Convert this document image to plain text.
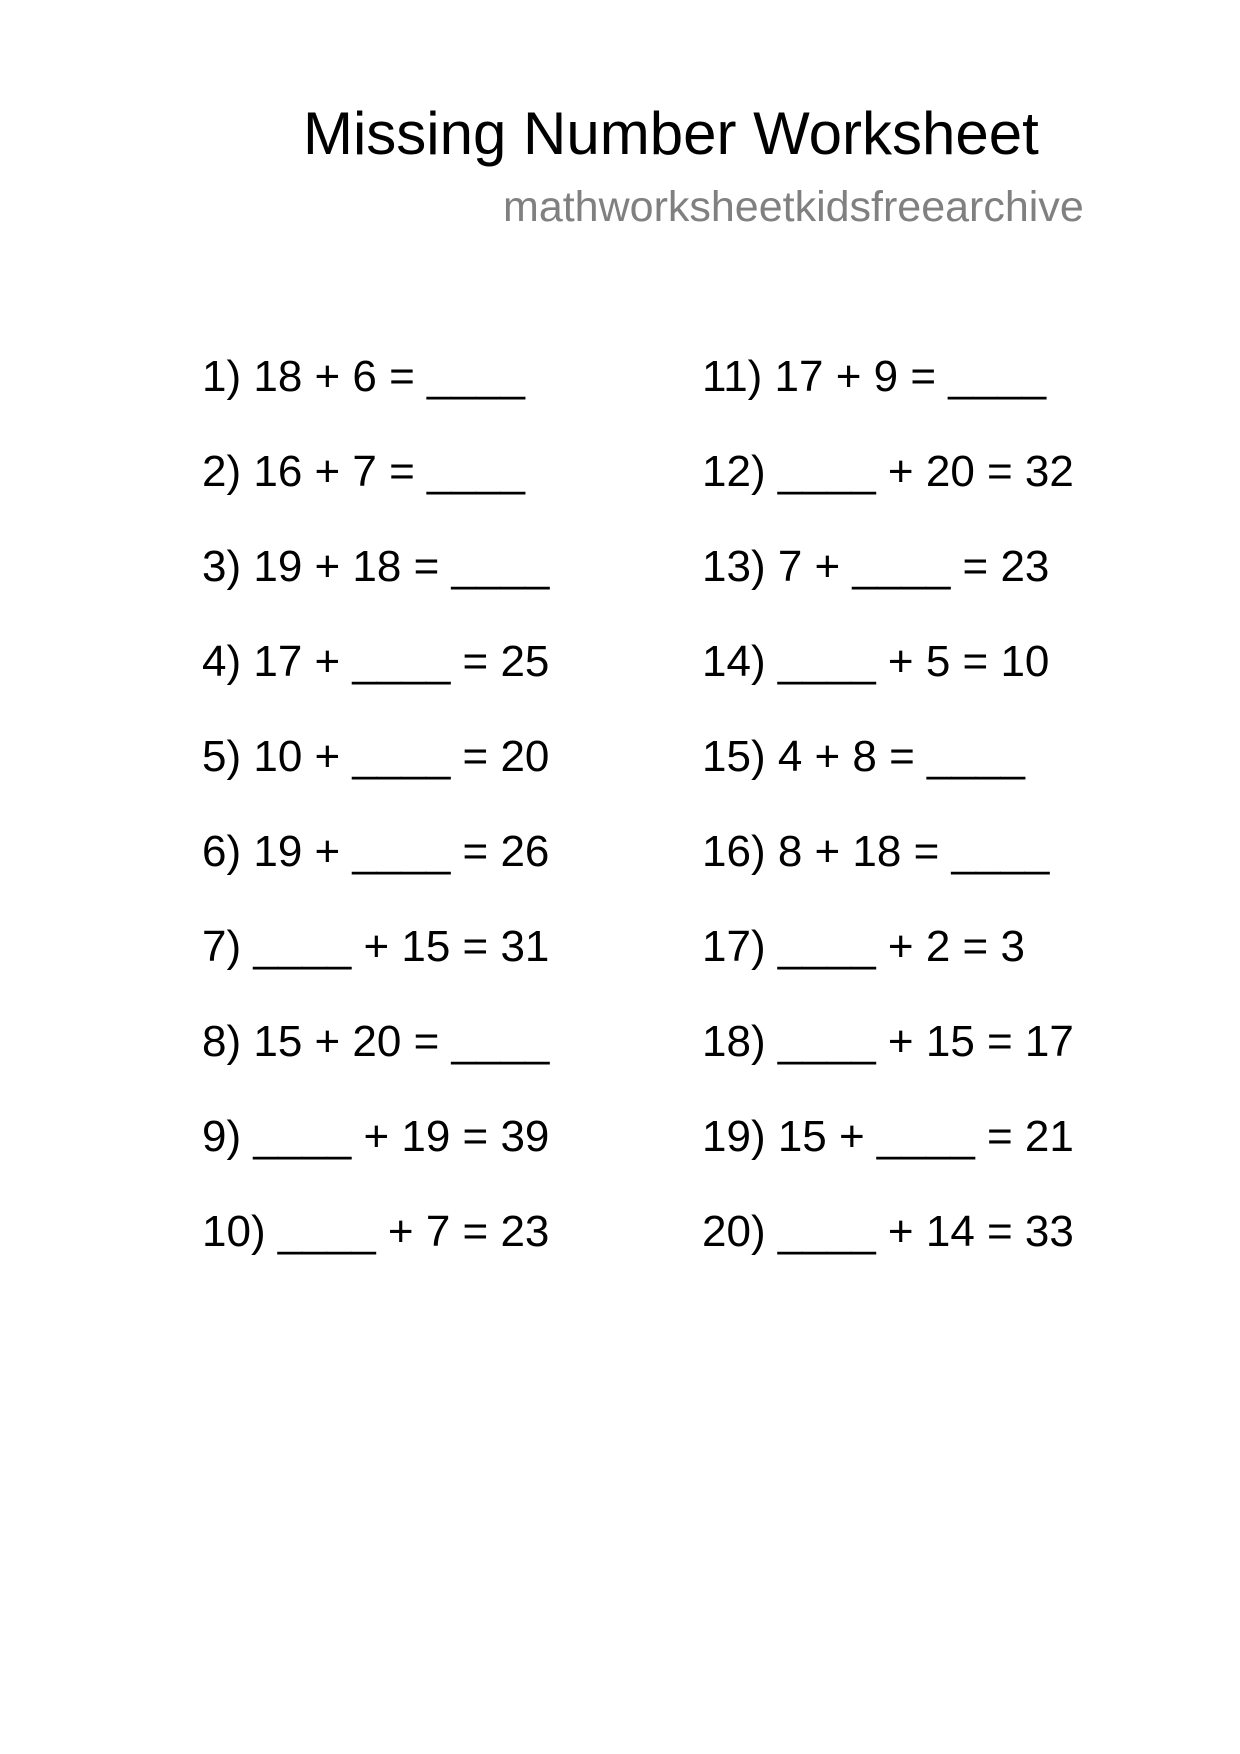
Missing Number Worksheet
mathworksheetkidsfreearchive
1) 18 + 6 = ____
2) 16 + 7 = ____
3) 19 + 18 = ____
4) 17 + ____ = 25
5) 10 + ____ = 20
6) 19 + ____ = 26
7) ____ + 15 = 31
8) 15 + 20 = ____
9) ____ + 19 = 39
10) ____ + 7 = 23
11) 17 + 9 = ____
12) ____ + 20 = 32
13) 7 + ____ = 23
14) ____ + 5 = 10
15) 4 + 8 = ____
16) 8 + 18 = ____
17) ____ + 2 = 3
18) ____ + 15 = 17
19) 15 + ____ = 21
20) ____ + 14 = 33
